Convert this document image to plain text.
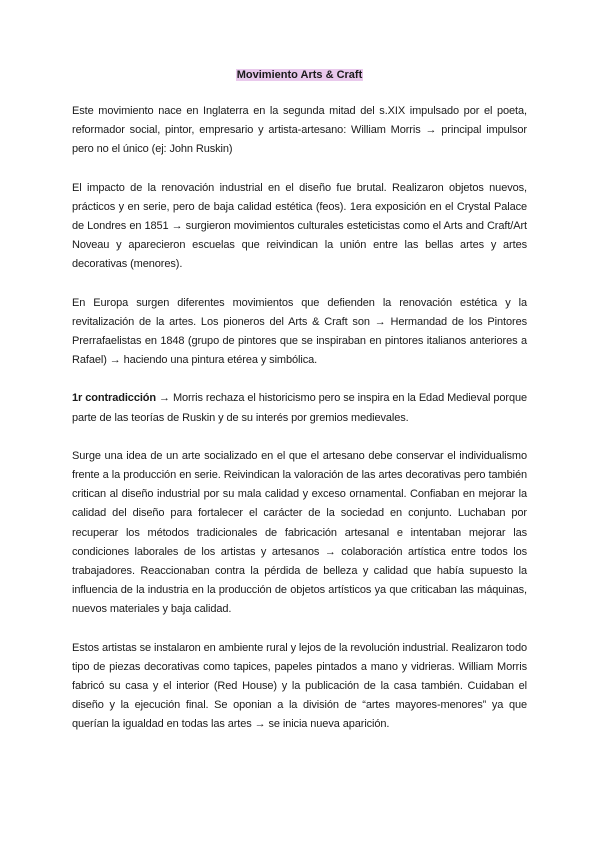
Movimiento Arts & Craft

Este movimiento nace en Inglaterra en la segunda mitad del s.XIX impulsado por el poeta, reformador social, pintor, empresario y artista-artesano: William Morris → principal impulsor pero no el único (ej: John Ruskin)

El impacto de la renovación industrial en el diseño fue brutal. Realizaron objetos nuevos, prácticos y en serie, pero de baja calidad estética (feos). 1era exposición en el Crystal Palace de Londres en 1851 → surgieron movimientos culturales esteticistas como el Arts and Craft/Art Noveau y aparecieron escuelas que reivindican la unión entre las bellas artes y artes decorativas (menores).

En Europa surgen diferentes movimientos que defienden la renovación estética y la revitalización de la artes. Los pioneros del Arts & Craft son → Hermandad de los Pintores Prerrafaelistas en 1848 (grupo de pintores que se inspiraban en pintores italianos anteriores a Rafael) → haciendo una pintura etérea y simbólica.

1r contradicción → Morris rechaza el historicismo pero se inspira en la Edad Medieval porque parte de las teorías de Ruskin y de su interés por gremios medievales.

Surge una idea de un arte socializado en el que el artesano debe conservar el individualismo frente a la producción en serie. Reivindican la valoración de las artes decorativas pero también critican al diseño industrial por su mala calidad y exceso ornamental. Confiaban en mejorar la calidad del diseño para fortalecer el carácter de la sociedad en conjunto. Luchaban por recuperar los métodos tradicionales de fabricación artesanal e intentaban mejorar las condiciones laborales de los artistas y artesanos → colaboración artística entre todos los trabajadores. Reaccionaban contra la pérdida de belleza y calidad que había supuesto la influencia de la industria en la producción de objetos artísticos ya que criticaban las máquinas, nuevos materiales y baja calidad.

Estos artistas se instalaron en ambiente rural y lejos de la revolución industrial. Realizaron todo tipo de piezas decorativas como tapices, papeles pintados a mano y vidrieras. William Morris fabricó su casa y el interior (Red House) y la publicación de la casa también. Cuidaban el diseño y la ejecución final. Se oponian a la división de “artes mayores-menores” ya que querían la igualdad en todas las artes → se inicia nueva aparición.
